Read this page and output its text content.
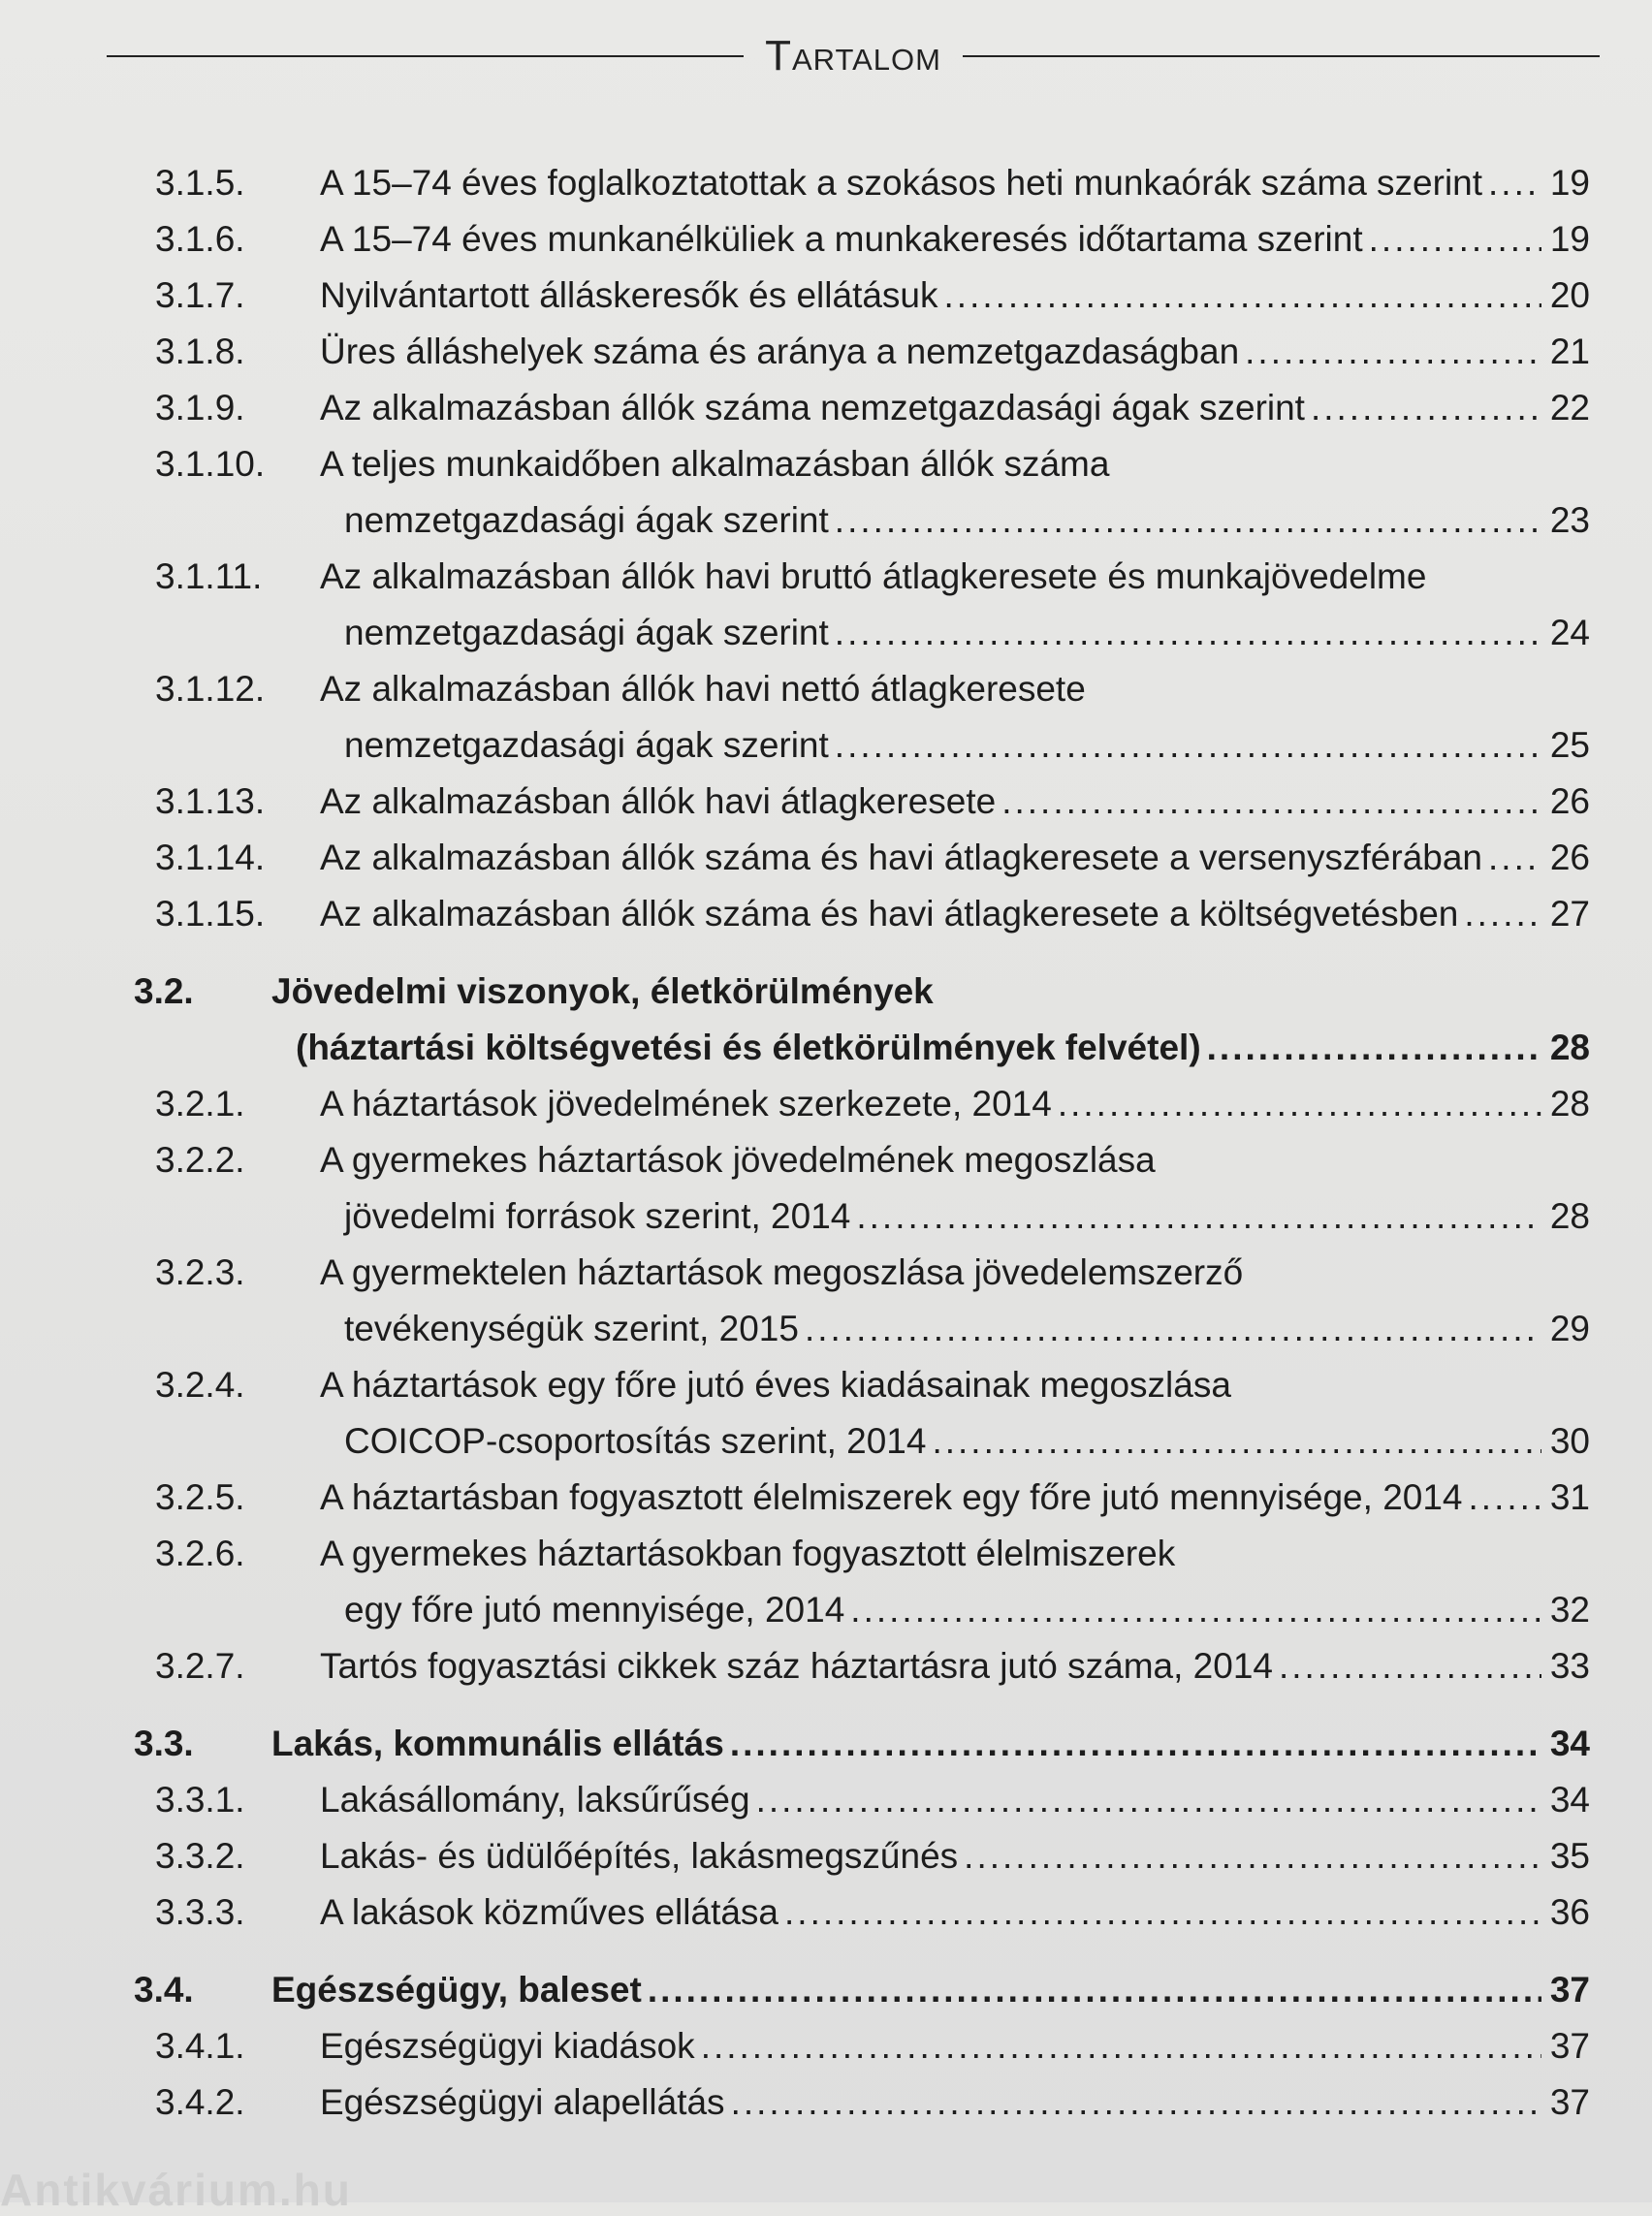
Tartalom
3.1.5.	A 15–74 éves foglalkoztatottak a szokásos heti munkaórák száma szerint ..... 19
3.1.6.	A 15–74 éves munkanélküliek a munkakeresés időtartama szerint .....	19
3.1.7.	Nyilvántartott álláskeresők és ellátásuk .....	20
3.1.8.	Üres álláshelyek száma és aránya a nemzetgazdaságban .....	21
3.1.9.	Az alkalmazásban állók száma nemzetgazdasági ágak szerint .....	22
3.1.10.	A teljes munkaidőben alkalmazásban állók száma
nemzetgazdasági ágak szerint .....	23
3.1.11.	Az alkalmazásban állók havi bruttó átlagkeresete és munkajövedelme
nemzetgazdasági ágak szerint .....	24
3.1.12.	Az alkalmazásban állók havi nettó átlagkeresete
nemzetgazdasági ágak szerint .....	25
3.1.13.	Az alkalmazásban állók havi átlagkeresete .....	26
3.1.14.	Az alkalmazásban állók száma és havi átlagkeresete a versenyszférában ..... 26
3.1.15.	Az alkalmazásban állók száma és havi átlagkeresete a költségvetésben .....	27
3.2.	Jövedelmi viszonyok, életkörülmények
(háztartási költségvetési és életkörülmények felvétel) .....	28
3.2.1.	A háztartások jövedelmének szerkezete, 2014 .....	28
3.2.2.	A gyermekes háztartások jövedelmének megoszlása
jövedelmi források szerint, 2014 .....	28
3.2.3.	A gyermektelen háztartások megoszlása jövedelemszerző
tevékenységük szerint, 2015 .....	29
3.2.4.	A háztartások egy főre jutó éves kiadásainak megoszlása
COICOP-csoportosítás szerint, 2014 .....	30
3.2.5.	A háztartásban fogyasztott élelmiszerek egy főre jutó mennyisége, 2014 ..... 31
3.2.6.	A gyermekes háztartásokban fogyasztott élelmiszerek
egy főre jutó mennyisége, 2014 .....	32
3.2.7.	Tartós fogyasztási cikkek száz háztartásra jutó száma, 2014 .....	33
3.3.	Lakás, kommunális ellátás .....	34
3.3.1.	Lakásállomány, laksűrűség .....	34
3.3.2.	Lakás- és üdülőépítés, lakásmegszűnés .....	35
3.3.3.	A lakások közműves ellátása .....	36
3.4.	Egészségügy, baleset .....	37
3.4.1.	Egészségügyi kiadások .....	37
3.4.2.	Egészségügyi alapellátás .....	37
Antikvárium.hu
